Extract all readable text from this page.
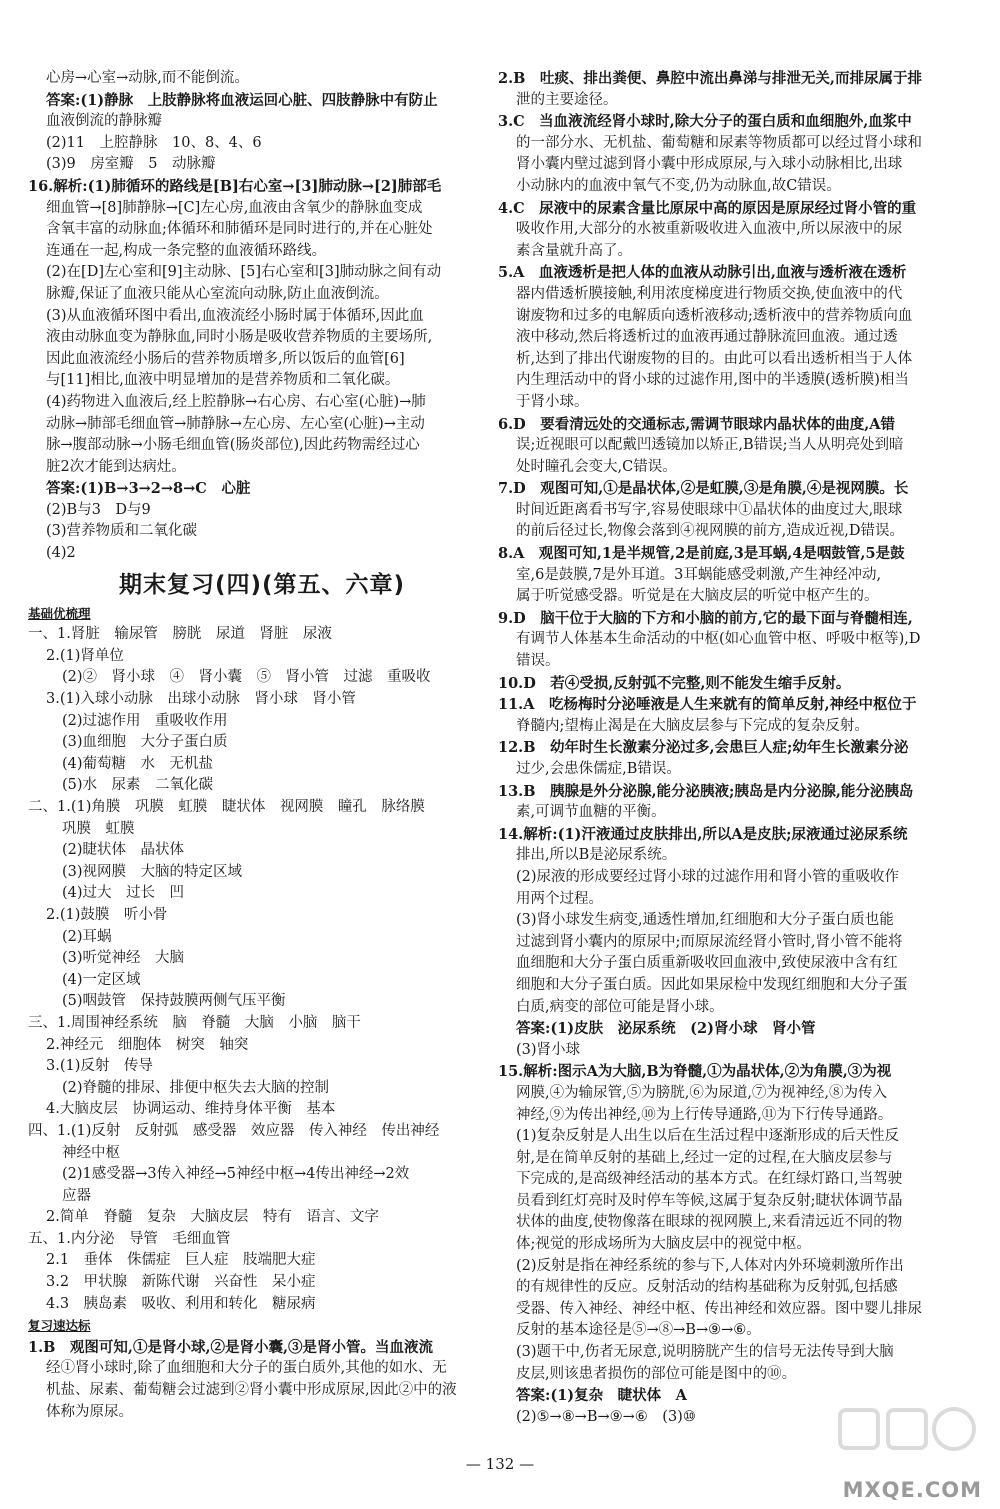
心房→心室→动脉,而不能倒流。
答案:(1)静脉　上肢静脉将血液运回心脏、四肢静脉中有防止
血液倒流的静脉瓣
(2)11　上腔静脉　10、8、4、6
(3)9　房室瓣　5　动脉瓣
16.解析:(1)肺循环的路线是[B]右心室→[3]肺动脉→[2]肺部毛
细血管→[8]肺静脉→[C]左心房,血液由含氧少的静脉血变成
含氧丰富的动脉血;体循环和肺循环是同时进行的,并在心脏处
连通在一起,构成一条完整的血液循环路线。
(2)在[D]左心室和[9]主动脉、[5]右心室和[3]肺动脉之间有动
脉瓣,保证了血液只能从心室流向动脉,防止血液倒流。
(3)从血液循环图中看出,血液流经小肠时属于体循环,因此血
液由动脉血变为静脉血,同时小肠是吸收营养物质的主要场所,
因此血液流经小肠后的营养物质增多,所以饭后的血管[6]
与[11]相比,血液中明显增加的是营养物质和二氧化碳。
(4)药物进入血液后,经上腔静脉→右心房、右心室(心脏)→肺
动脉→肺部毛细血管→肺静脉→左心房、左心室(心脏)→主动
脉→腹部动脉→小肠毛细血管(肠炎部位),因此药物需经过心
脏2次才能到达病灶。
答案:(1)B→3→2→8→C　心脏
(2)B与3　D与9
(3)营养物质和二氧化碳
(4)2
期末复习(四)(第五、六章)
基础优梳理
一、1.肾脏　输尿管　膀胱　尿道　肾脏　尿液
2.(1)肾单位
(2)②　肾小球　④　肾小囊　⑤　肾小管　过滤　重吸收
3.(1)入球小动脉　出球小动脉　肾小球　肾小管
(2)过滤作用　重吸收作用
(3)血细胞　大分子蛋白质
(4)葡萄糖　水　无机盐
(5)水　尿素　二氧化碳
二、1.(1)角膜　巩膜　虹膜　睫状体　视网膜　瞳孔　脉络膜
巩膜　虹膜
(2)睫状体　晶状体
(3)视网膜　大脑的特定区域
(4)过大　过长　凹
2.(1)鼓膜　听小骨
(2)耳蜗
(3)听觉神经　大脑
(4)一定区域
(5)咽鼓管　保持鼓膜两侧气压平衡
三、1.周围神经系统　脑　脊髓　大脑　小脑　脑干
2.神经元　细胞体　树突　轴突
3.(1)反射　传导
(2)脊髓的排尿、排便中枢失去大脑的控制
4.大脑皮层　协调运动、维持身体平衡　基本
四、1.(1)反射　反射弧　感受器　效应器　传入神经　传出神经
神经中枢
(2)1感受器→3传入神经→5神经中枢→4传出神经→2效
应器
2.简单　脊髓　复杂　大脑皮层　特有　语言、文字
五、1.内分泌　导管　毛细血管
2.1　垂体　侏儒症　巨人症　肢端肥大症
3.2　甲状腺　新陈代谢　兴奋性　呆小症
4.3　胰岛素　吸收、利用和转化　糖尿病
复习速达标
1.B　观图可知,①是肾小球,②是肾小囊,③是肾小管。当血液流
经①肾小球时,除了血细胞和大分子的蛋白质外,其他的如水、无
机盐、尿素、葡萄糖会过滤到②肾小囊中形成原尿,因此②中的液
体称为原尿。
2.B　吐痰、排出粪便、鼻腔中流出鼻涕与排泄无关,而排尿属于排
泄的主要途径。
3.C　当血液流经肾小球时,除大分子的蛋白质和血细胞外,血浆中
的一部分水、无机盐、葡萄糖和尿素等物质都可以经过肾小球和
肾小囊内壁过滤到肾小囊中形成原尿,与入球小动脉相比,出球
小动脉内的血液中氧气不变,仍为动脉血,故C错误。
4.C　尿液中的尿素含量比原尿中高的原因是原尿经过肾小管的重
吸收作用,大部分的水被重新吸收进入血液中,所以尿液中的尿
素含量就升高了。
5.A　血液透析是把人体的血液从动脉引出,血液与透析液在透析
器内借透析膜接触,利用浓度梯度进行物质交换,使血液中的代
谢废物和过多的电解质向透析液移动;透析液中的营养物质向血
液中移动,然后将透析过的血液再通过静脉流回血液。通过透
析,达到了排出代谢废物的目的。由此可以看出透析相当于人体
内生理活动中的肾小球的过滤作用,图中的半透膜(透析膜)相当
于肾小球。
6.D　要看清远处的交通标志,需调节眼球内晶状体的曲度,A错
误;近视眼可以配戴凹透镜加以矫正,B错误;当人从明亮处到暗
处时瞳孔会变大,C错误。
7.D　观图可知,①是晶状体,②是虹膜,③是角膜,④是视网膜。长
时间近距离看书写字,容易使眼球中①晶状体的曲度过大,眼球
的前后径过长,物像会落到④视网膜的前方,造成近视,D错误。
8.A　观图可知,1是半规管,2是前庭,3是耳蜗,4是咽鼓管,5是鼓
室,6是鼓膜,7是外耳道。3耳蜗能感受刺激,产生神经冲动,
属于听觉感受器。听觉是在大脑皮层的听觉中枢产生的。
9.D　脑干位于大脑的下方和小脑的前方,它的最下面与脊髓相连,
有调节人体基本生命活动的中枢(如心血管中枢、呼吸中枢等),D
错误。
10.D　若④受损,反射弧不完整,则不能发生缩手反射。
11.A　吃杨梅时分泌唾液是人生来就有的简单反射,神经中枢位于
脊髓内;望梅止渴是在大脑皮层参与下完成的复杂反射。
12.B　幼年时生长激素分泌过多,会患巨人症;幼年生长激素分泌
过少,会患侏儒症,B错误。
13.B　胰腺是外分泌腺,能分泌胰液;胰岛是内分泌腺,能分泌胰岛
素,可调节血糖的平衡。
14.解析:(1)汗液通过皮肤排出,所以A是皮肤;尿液通过泌尿系统
排出,所以B是泌尿系统。
(2)尿液的形成要经过肾小球的过滤作用和肾小管的重吸收作
用两个过程。
(3)肾小球发生病变,通透性增加,红细胞和大分子蛋白质也能
过滤到肾小囊内的原尿中;而原尿流经肾小管时,肾小管不能将
血细胞和大分子蛋白质重新吸收回血液中,致使尿液中含有红
细胞和大分子蛋白质。因此如果尿检中发现红细胞和大分子蛋
白质,病变的部位可能是肾小球。
答案:(1)皮肤　泌尿系统　(2)肾小球　肾小管
(3)肾小球
15.解析:图示A为大脑,B为脊髓,①为晶状体,②为角膜,③为视
网膜,④为输尿管,⑤为膀胱,⑥为尿道,⑦为视神经,⑧为传入
神经,⑨为传出神经,⑩为上行传导通路,⑪为下行传导通路。
(1)复杂反射是人出生以后在生活过程中逐渐形成的后天性反
射,是在简单反射的基础上,经过一定的过程,在大脑皮层参与
下完成的,是高级神经活动的基本方式。在红绿灯路口,当驾驶
员看到红灯亮时及时停车等候,这属于复杂反射;睫状体调节晶
状体的曲度,使物像落在眼球的视网膜上,来看清远近不同的物
体;视觉的形成场所为大脑皮层中的视觉中枢。
(2)反射是指在神经系统的参与下,人体对内外环境刺激所作出
的有规律性的反应。反射活动的结构基础称为反射弧,包括感
受器、传入神经、神经中枢、传出神经和效应器。图中婴儿排尿
反射的基本途径是⑤→⑧→B→⑨→⑥。
(3)题干中,伤者无尿意,说明膀胱产生的信号无法传导到大脑
皮层,则该患者损伤的部位可能是图中的⑩。
答案:(1)复杂　睫状体　A
(2)⑤→⑧→B→⑨→⑥　(3)⑩
— 132 —
MXQE.COM
